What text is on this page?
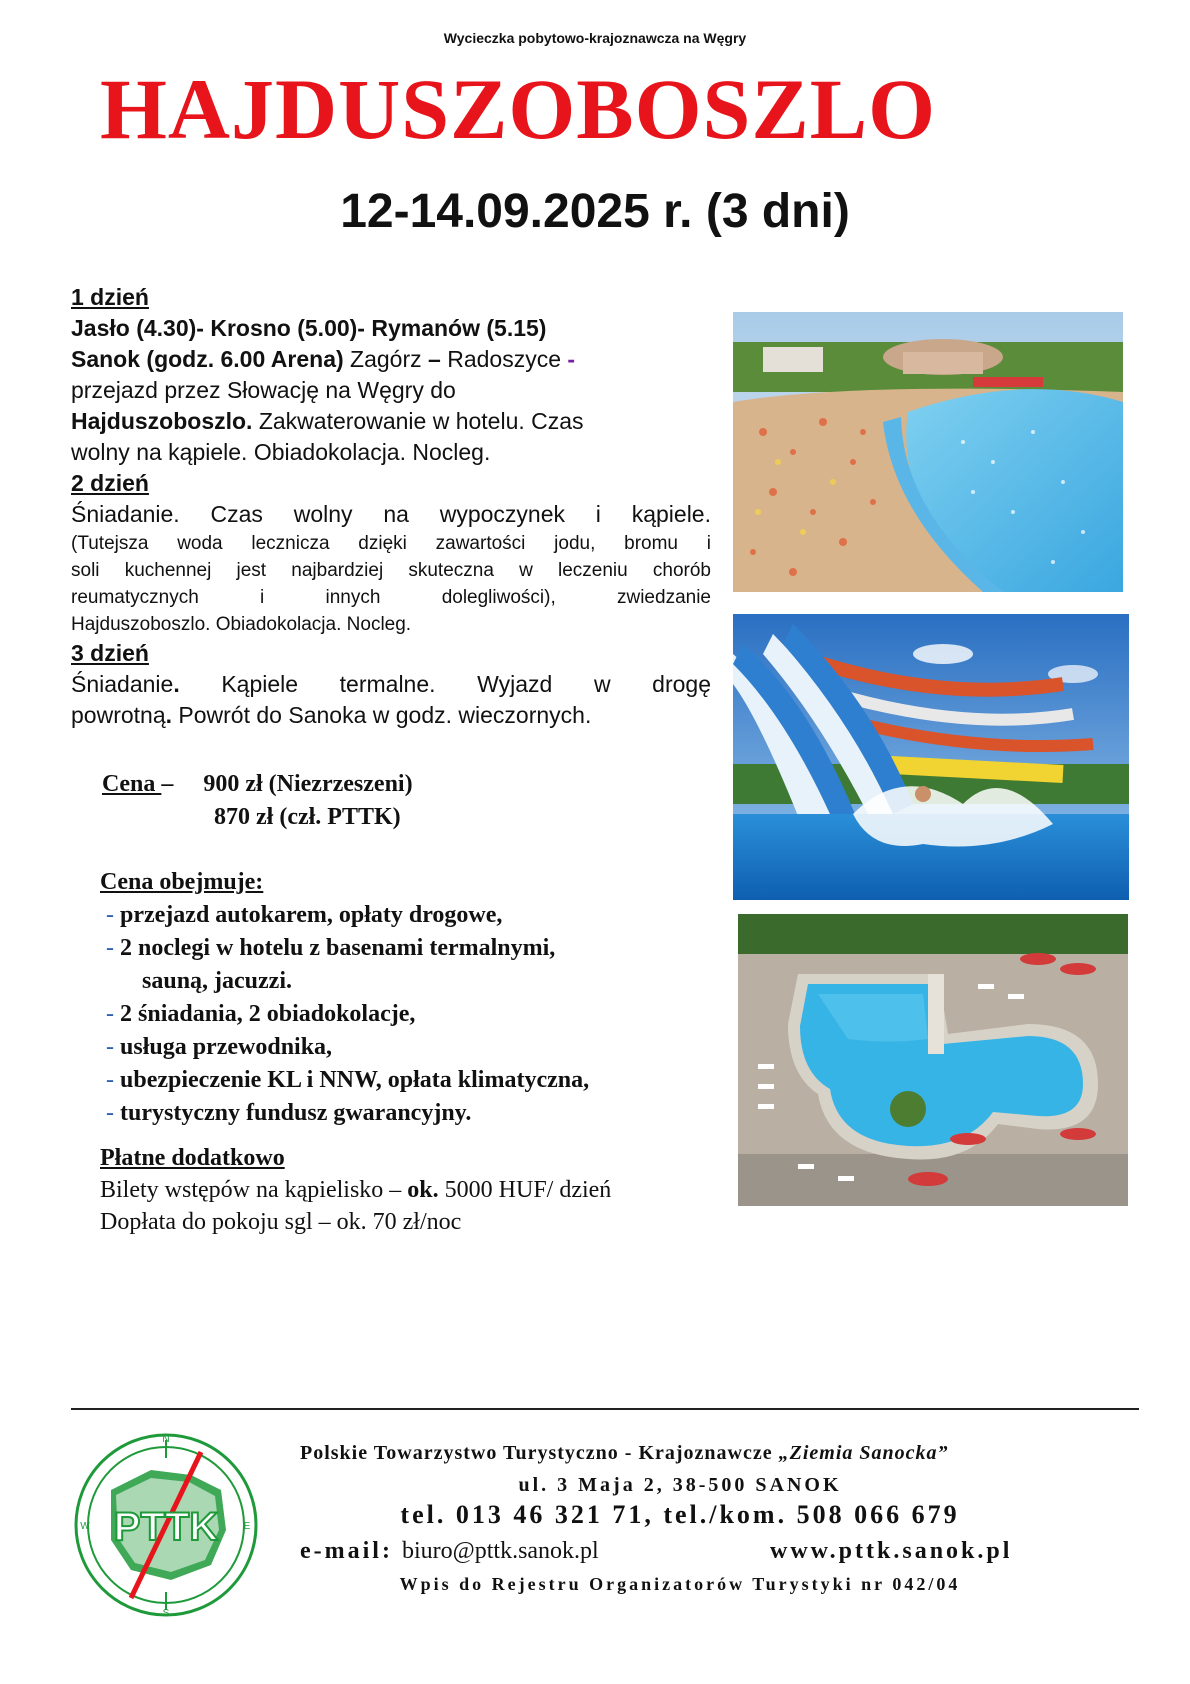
Wycieczka pobytowo-krajoznawcza na Węgry
HAJDUSZOBOSZLO
12-14.09.2025 r. (3 dni)
1 dzień
Jasło (4.30)- Krosno (5.00)- Rymanów (5.15)
Sanok (godz. 6.00 Arena) Zagórz – Radoszyce -
przejazd przez Słowację na Węgry do
Hajduszoboszlo. Zakwaterowanie w hotelu. Czas
wolny na kąpiele. Obiadokolacja. Nocleg.
2 dzień
Śniadanie. Czas wolny na wypoczynek i kąpiele.
(Tutejsza woda lecznicza dzięki zawartości jodu, bromu i
soli kuchennej jest najbardziej skuteczna w leczeniu chorób
reumatycznych i innych dolegliwości), zwiedzanie
Hajduszoboszlo. Obiadokolacja. Nocleg.
3 dzień
Śniadanie. Kąpiele termalne. Wyjazd w drogę
powrotną. Powrót do Sanoka w godz. wieczornych.
Cena – 900 zł (Niezrzeszeni)
870 zł (czł. PTTK)
Cena obejmuje:
- przejazd autokarem, opłaty drogowe,
- 2 noclegi w hotelu z basenami termalnymi,
sauną, jacuzzi.
- 2 śniadania, 2 obiadokolacje,
- usługa przewodnika,
- ubezpieczenie KL i NNW, opłata klimatyczna,
- turystyczny fundusz gwarancyjny.
Płatne dodatkowo
Bilety wstępów na kąpielisko – ok. 5000 HUF/ dzień
Dopłata do pokoju sgl – ok. 70 zł/noc
N
S
E
W PTTK
Polskie Towarzystwo Turystyczno - Krajoznawcze „Ziemia Sanocka”
ul. 3 Maja 2, 38-500 SANOK
tel. 013 46 321 71, tel./kom. 508 066 679
e-mail: biuro@pttk.sanok.pl	www.pttk.sanok.pl
Wpis do Rejestru Organizatorów Turystyki nr 042/04
